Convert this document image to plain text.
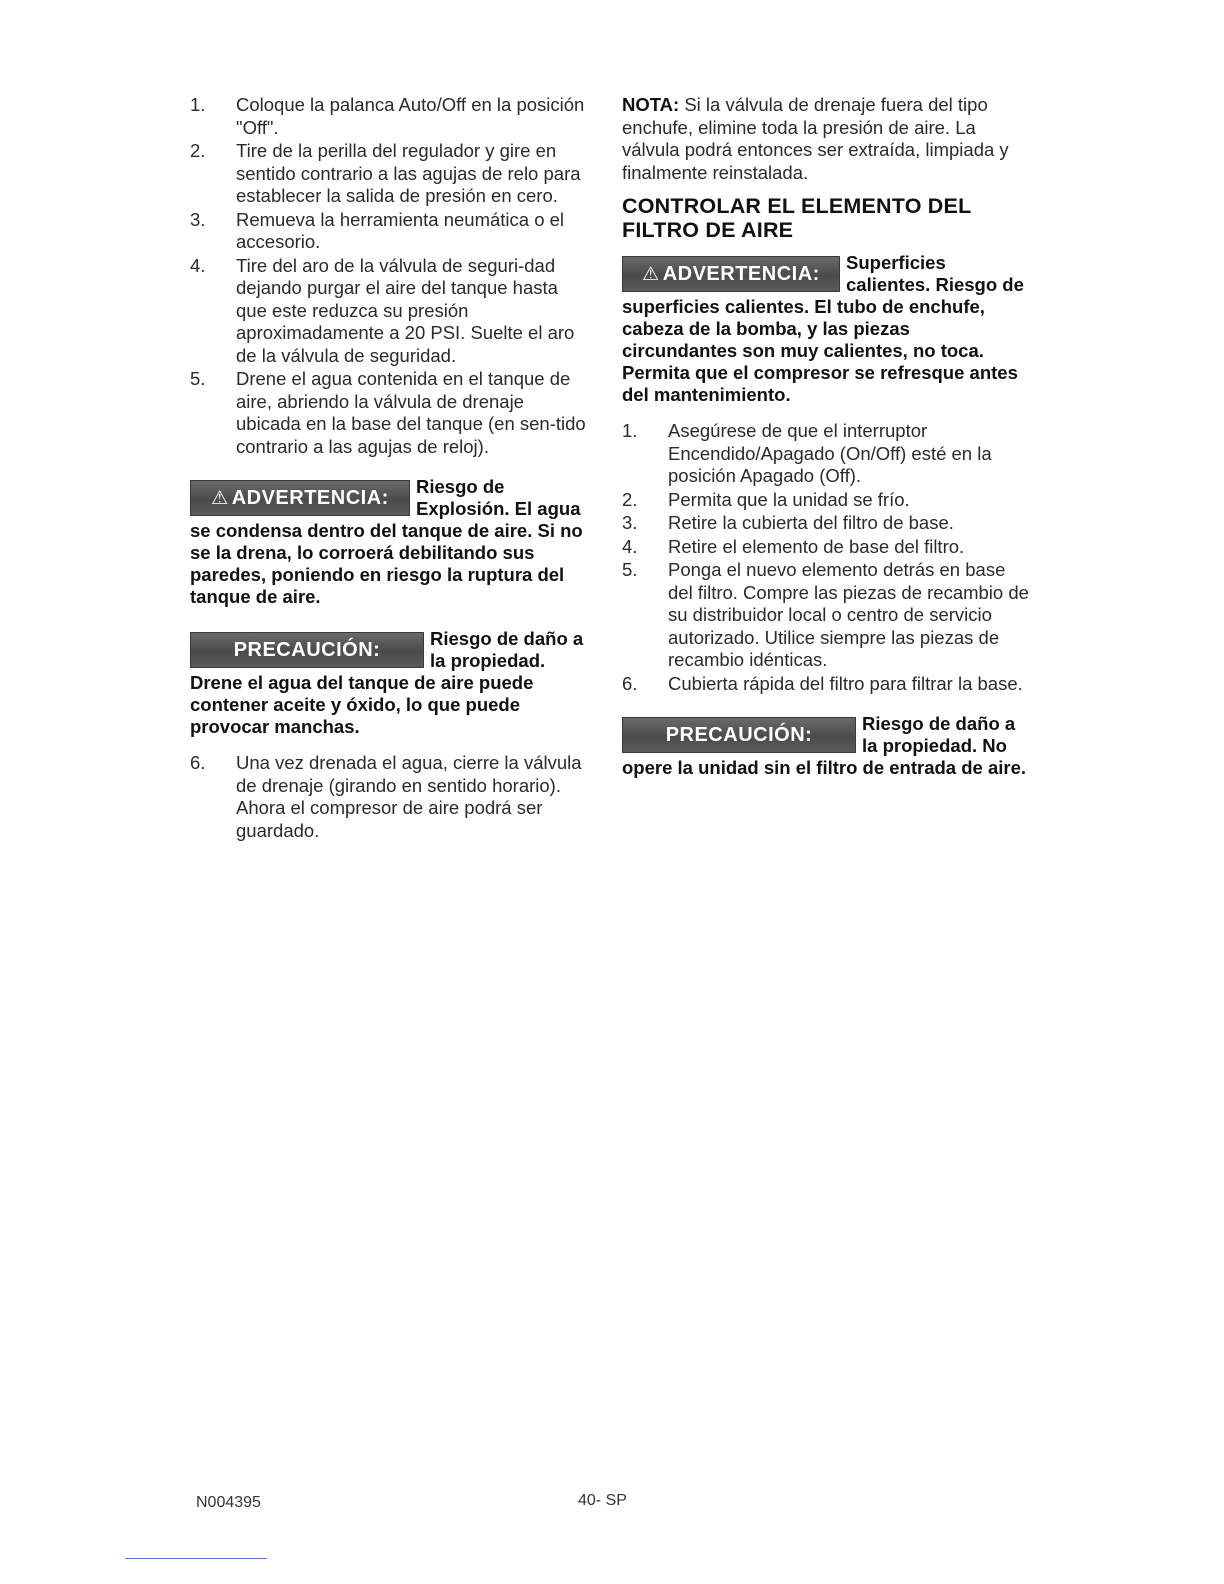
1. Coloque la palanca Auto/Off en la posición "Off".
2. Tire de la perilla del regulador y gire en sentido contrario a las agujas de relo para establecer la salida de presión en cero.
3. Remueva la herramienta neumática o el accesorio.
4. Tire del aro de la válvula de seguri-dad dejando purgar el aire del tanque hasta que este reduzca su presión aproximadamente a 20 PSI. Suelte el aro de la válvula de seguridad.
5. Drene el agua contenida en el tanque de aire, abriendo la válvula de drenaje ubicada en la base del tanque (en sen-tido contrario a las agujas de reloj).
⚠ ADVERTENCIA: Riesgo de Explosión. El agua se condensa dentro del tanque de aire. Si no se la drena, lo corroerá debilitando sus paredes, poniendo en riesgo la ruptura del tanque de aire.
PRECAUCIÓN:	Riesgo de daño a la propiedad. Drene el agua del tanque de aire puede contener aceite y óxido, lo que puede provocar manchas.
6. Una vez drenada el agua, cierre la válvula de drenaje (girando en sentido horario). Ahora el compresor de aire podrá ser guardado.

NOTA: Si la válvula de drenaje fuera del tipo enchufe, elimine toda la presión de aire. La válvula podrá entonces ser extraída, limpiada y finalmente reinstalada.

CONTROLAR EL ELEMENTO DEL FILTRO DE AIRE
⚠ ADVERTENCIA: Superficies calientes. Riesgo de superficies calientes. El tubo de enchufe, cabeza de la bomba, y las piezas circundantes son muy calientes, no toca. Permita que el compresor se refresque antes del mantenimiento.
1. Asegúrese de que el interruptor Encendido/Apagado (On/Off) esté en la posición Apagado (Off).
2. Permita que la unidad se frío.
3. Retire la cubierta del filtro de base.
4. Retire el elemento de base del filtro.
5. Ponga el nuevo elemento detrás en base del filtro. Compre las piezas de recambio de su distribuidor local o centro de servicio autorizado. Utilice siempre las piezas de recambio idénticas.
6. Cubierta rápida del filtro para filtrar la base.
PRECAUCIÓN:	Riesgo de daño a la propiedad. No opere la unidad sin el filtro de entrada de aire.
N004395	40- SP
